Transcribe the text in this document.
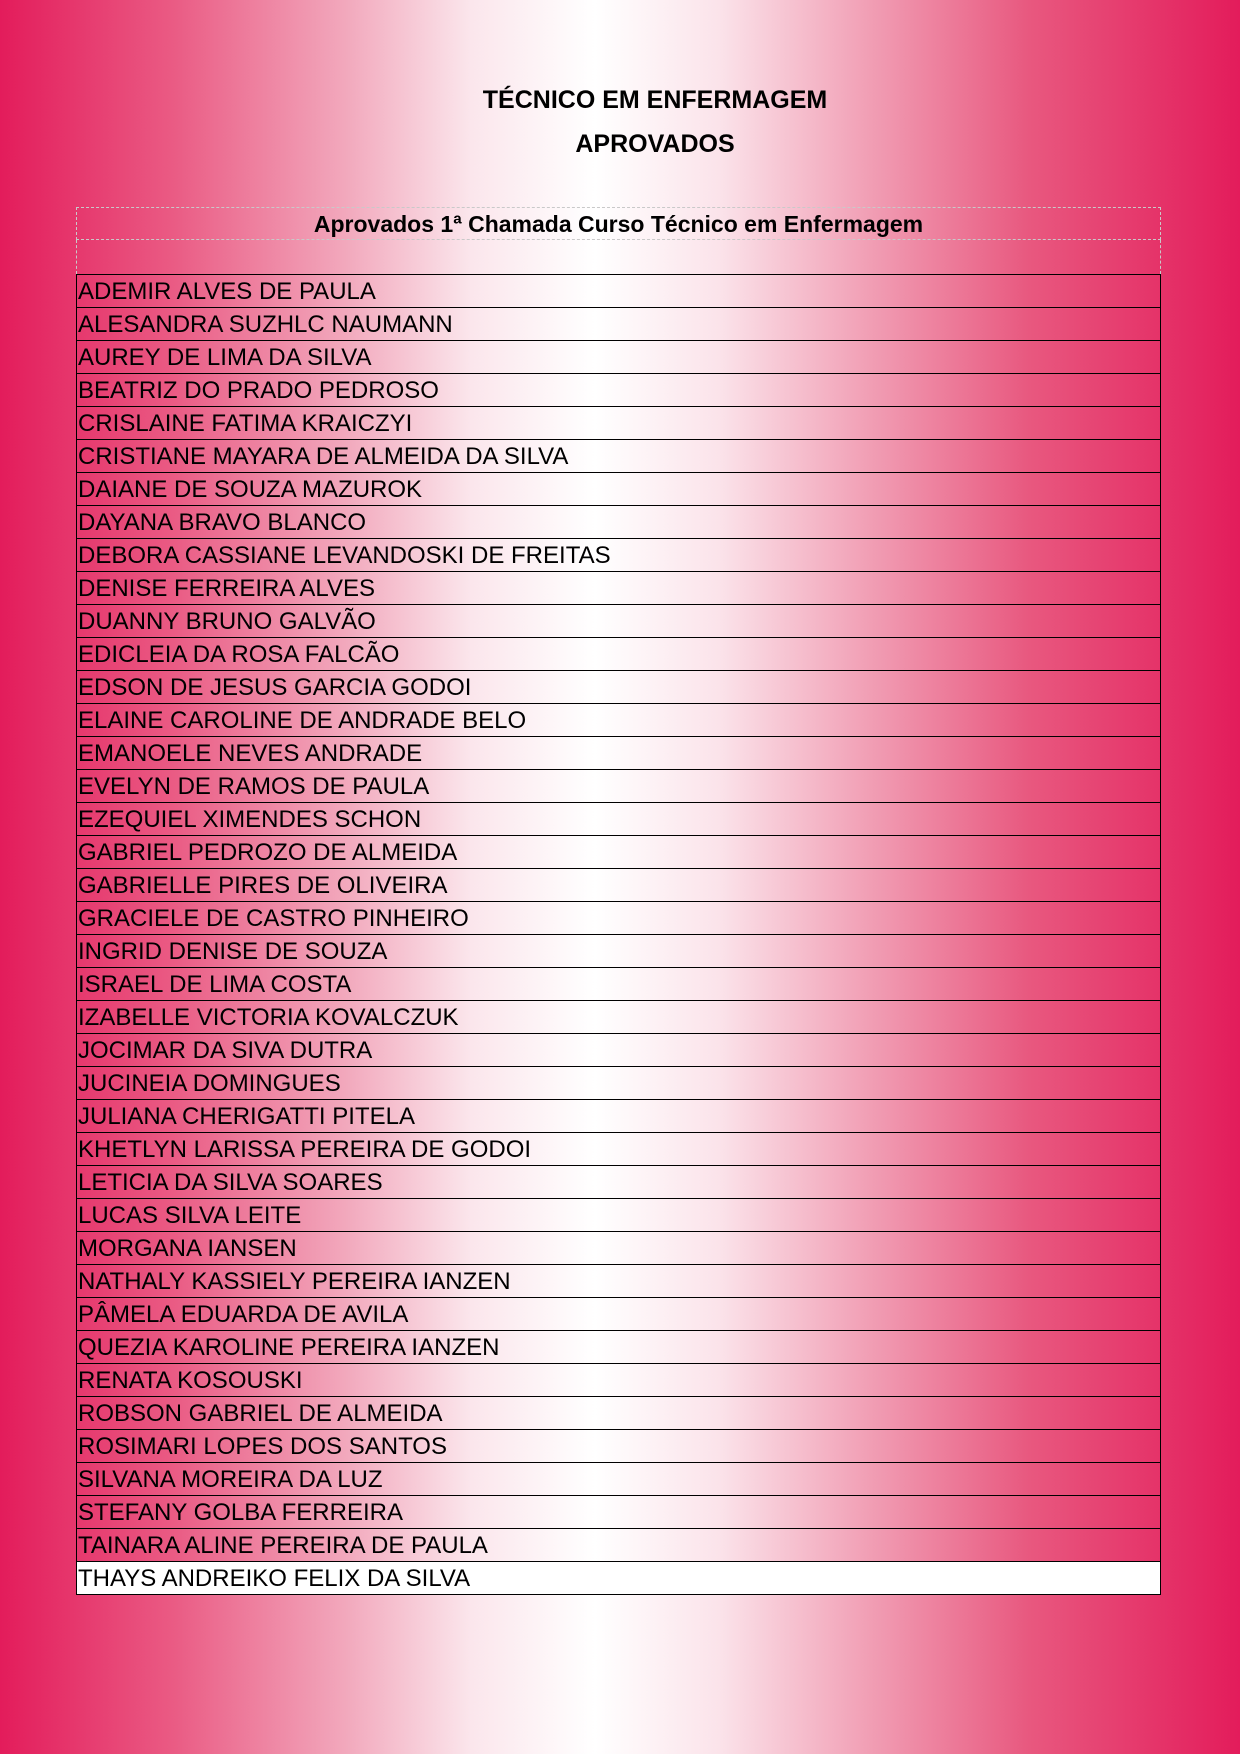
TÉCNICO EM ENFERMAGEM
APROVADOS
Aprovados 1ª Chamada Curso Técnico em Enfermagem
ADEMIR ALVES DE PAULA
ALESANDRA SUZHLC NAUMANN
AUREY DE LIMA DA SILVA
BEATRIZ DO PRADO PEDROSO
CRISLAINE FATIMA KRAICZYI
CRISTIANE MAYARA DE ALMEIDA DA SILVA
DAIANE DE SOUZA MAZUROK
DAYANA BRAVO BLANCO
DEBORA CASSIANE LEVANDOSKI DE FREITAS
DENISE FERREIRA ALVES
DUANNY BRUNO GALVÃO
EDICLEIA DA ROSA FALCÃO
EDSON DE JESUS GARCIA GODOI
ELAINE CAROLINE DE ANDRADE BELO
EMANOELE NEVES ANDRADE
EVELYN DE RAMOS DE PAULA
EZEQUIEL XIMENDES SCHON
GABRIEL PEDROZO DE ALMEIDA
GABRIELLE PIRES DE OLIVEIRA
GRACIELE DE CASTRO PINHEIRO
INGRID DENISE DE SOUZA
ISRAEL DE LIMA COSTA
IZABELLE VICTORIA KOVALCZUK
JOCIMAR DA SIVA DUTRA
JUCINEIA DOMINGUES
JULIANA CHERIGATTI PITELA
KHETLYN LARISSA PEREIRA DE GODOI
LETICIA DA SILVA SOARES
LUCAS SILVA LEITE
MORGANA IANSEN
NATHALY KASSIELY PEREIRA IANZEN
PÂMELA EDUARDA DE AVILA
QUEZIA KAROLINE PEREIRA IANZEN
RENATA KOSOUSKI
ROBSON GABRIEL DE ALMEIDA
ROSIMARI LOPES DOS SANTOS
SILVANA MOREIRA DA LUZ
STEFANY GOLBA FERREIRA
TAINARA ALINE PEREIRA DE PAULA
THAYS ANDREIKO FELIX DA SILVA
